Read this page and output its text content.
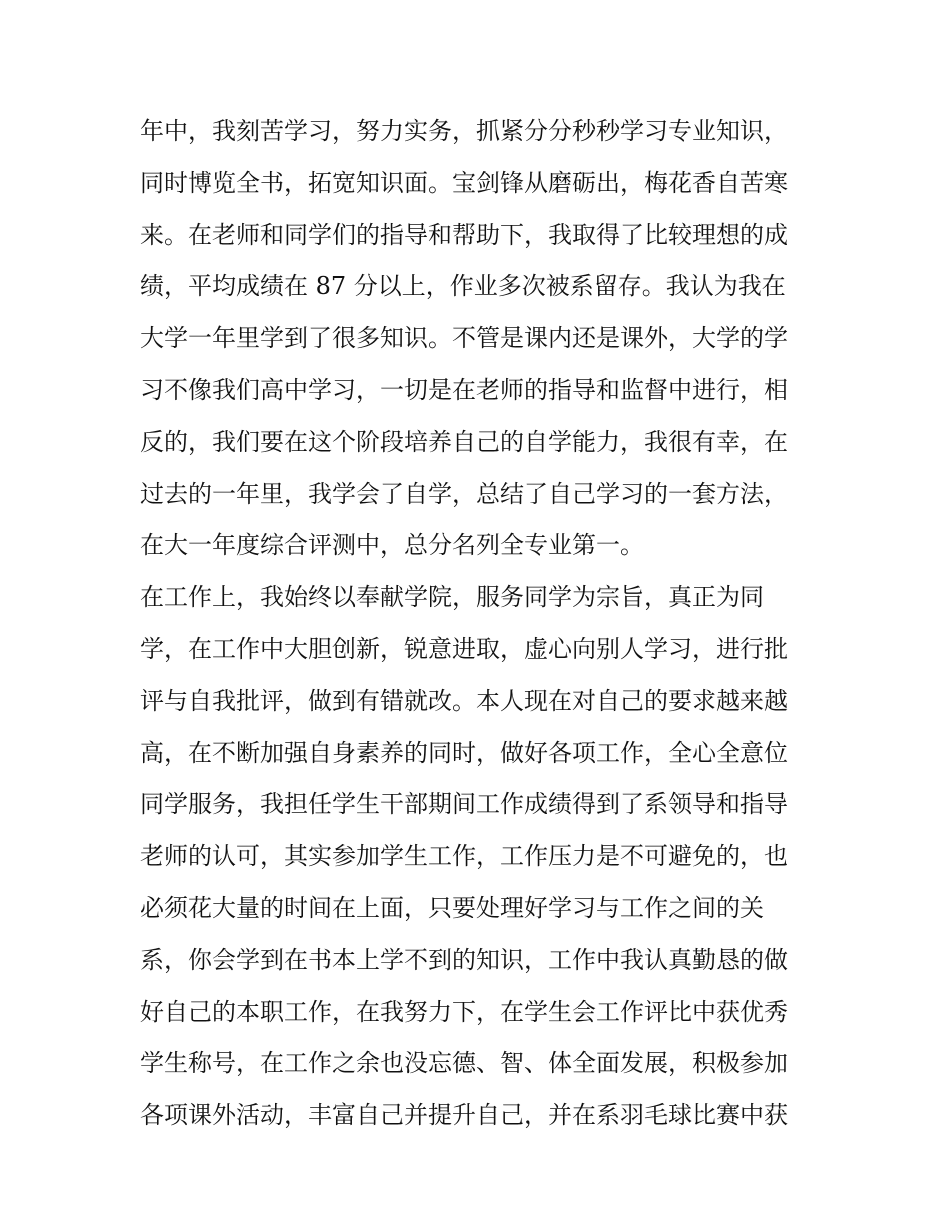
年中，我刻苦学习，努力实务，抓紧分分秒秒学习专业知识，
同时博览全书，拓宽知识面。宝剑锋从磨砺出，梅花香自苦寒
来。在老师和同学们的指导和帮助下，我取得了比较理想的成
绩，平均成绩在 87 分以上，作业多次被系留存。我认为我在
大学一年里学到了很多知识。不管是课内还是课外，大学的学
习不像我们高中学习，一切是在老师的指导和监督中进行，相
反的，我们要在这个阶段培养自己的自学能力，我很有幸，在
过去的一年里，我学会了自学，总结了自己学习的一套方法，
在大一年度综合评测中，总分名列全专业第一。
在工作上，我始终以奉献学院，服务同学为宗旨，真正为同
学，在工作中大胆创新，锐意进取，虚心向别人学习，进行批
评与自我批评，做到有错就改。本人现在对自己的要求越来越
高，在不断加强自身素养的同时，做好各项工作，全心全意位
同学服务，我担任学生干部期间工作成绩得到了系领导和指导
老师的认可，其实参加学生工作，工作压力是不可避免的，也
必须花大量的时间在上面，只要处理好学习与工作之间的关
系，你会学到在书本上学不到的知识，工作中我认真勤恳的做
好自己的本职工作，在我努力下，在学生会工作评比中获优秀
学生称号，在工作之余也没忘德、智、体全面发展，积极参加
各项课外活动，丰富自己并提升自己，并在系羽毛球比赛中获
